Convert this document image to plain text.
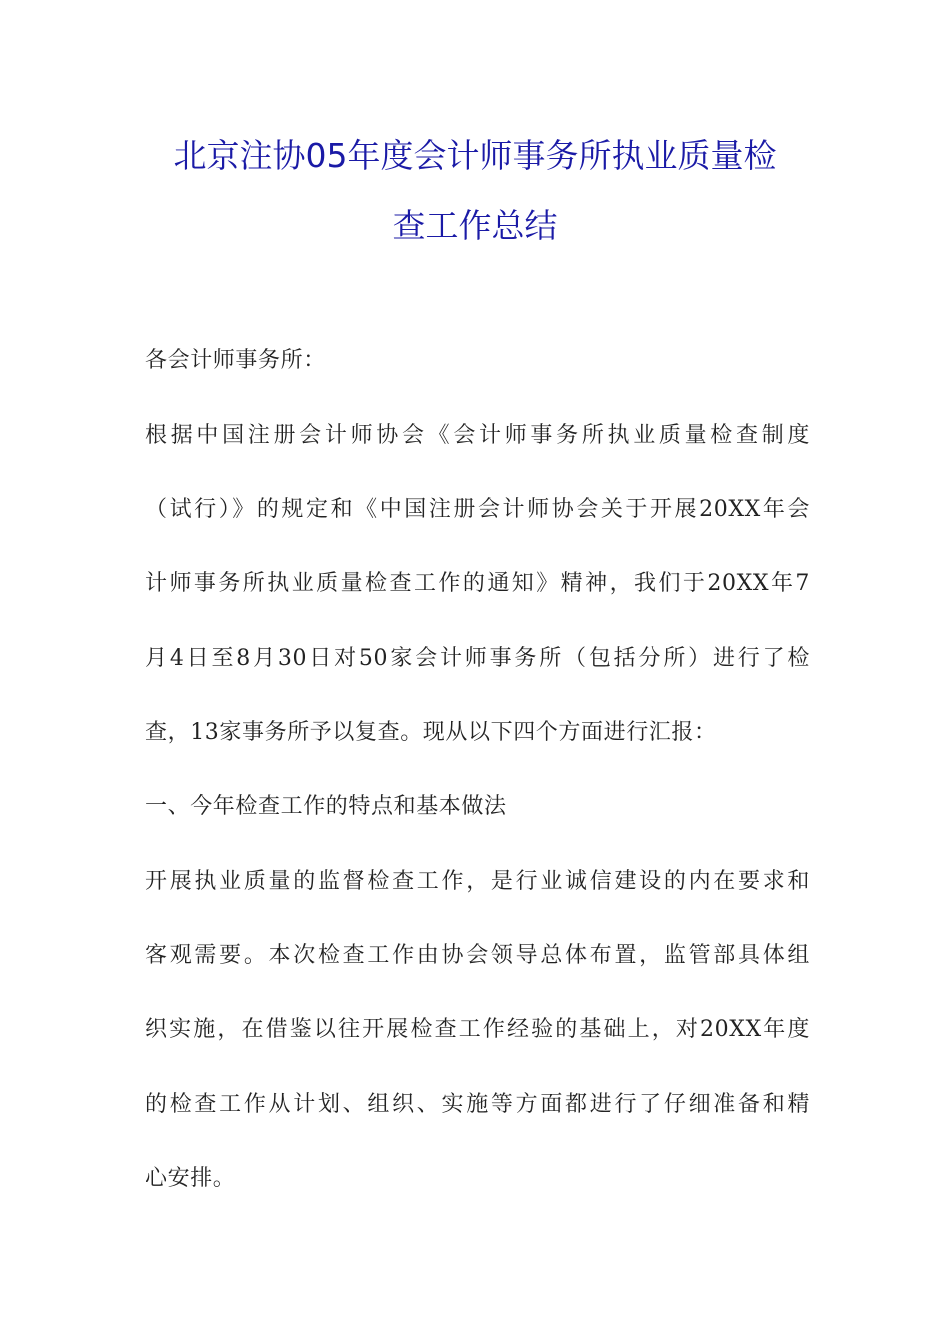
北京注协05年度会计师事务所执业质量检
查工作总结

各会计师事务所：

根据中国注册会计师协会《会计师事务所执业质量检查制度

（试行）》的规定和《中国注册会计师协会关于开展20XX年会

计师事务所执业质量检查工作的通知》精神，我们于20XX年7

月4日至8月30日对50家会计师事务所（包括分所）进行了检

查，13家事务所予以复查。现从以下四个方面进行汇报：

一、今年检查工作的特点和基本做法

开展执业质量的监督检查工作，是行业诚信建设的内在要求和

客观需要。本次检查工作由协会领导总体布置，监管部具体组

织实施，在借鉴以往开展检查工作经验的基础上，对20XX年度

的检查工作从计划、组织、实施等方面都进行了仔细准备和精

心安排。
